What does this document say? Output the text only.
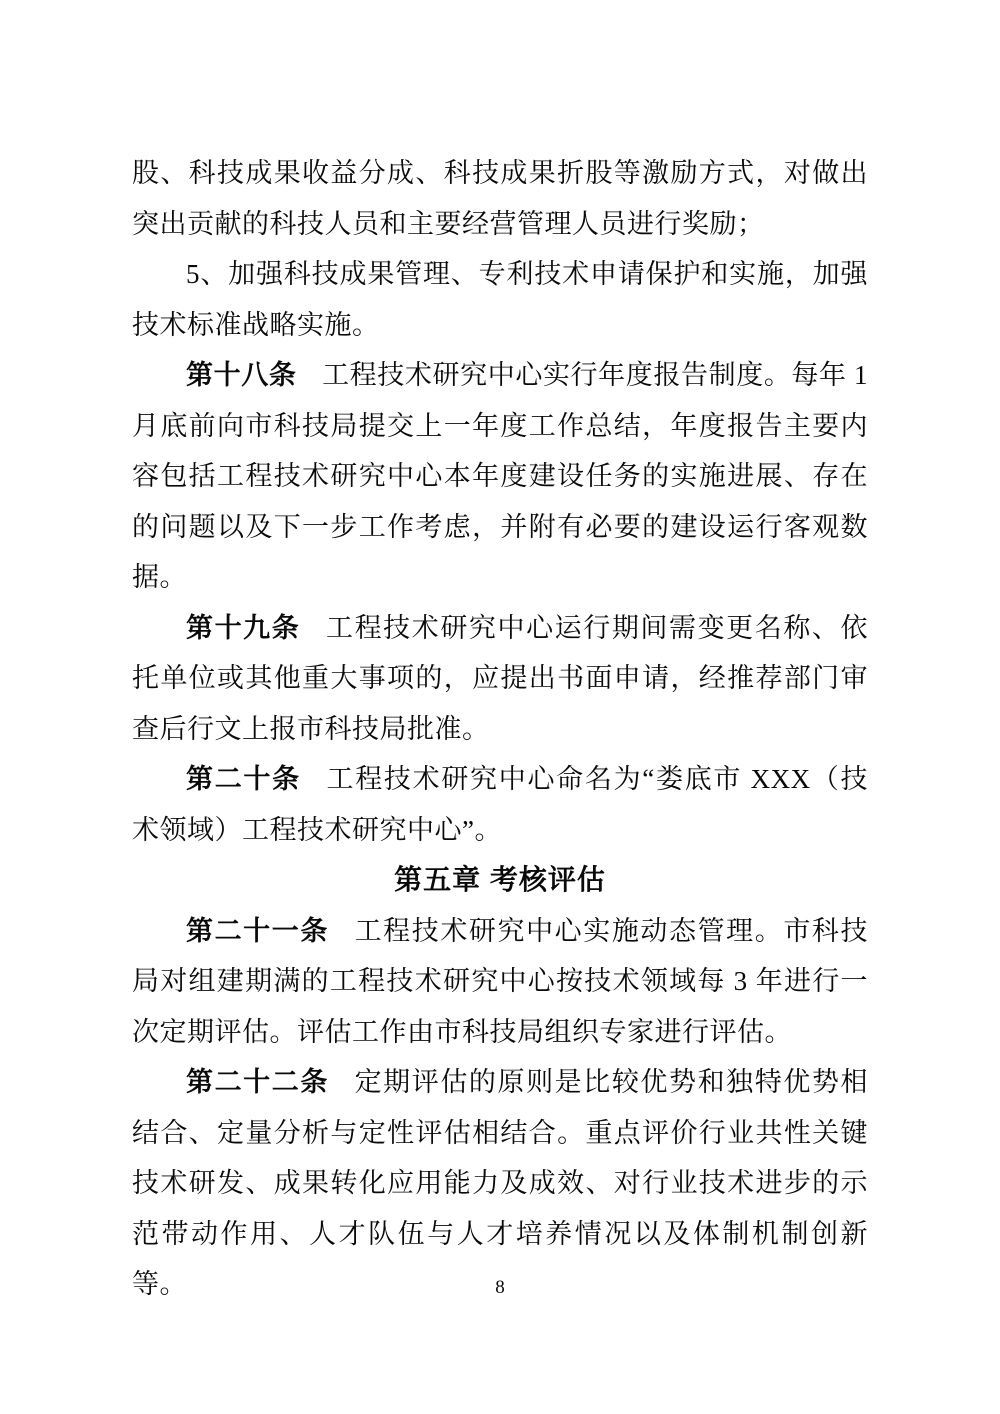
股、科技成果收益分成、科技成果折股等激励方式，对做出突出贡献的科技人员和主要经营管理人员进行奖励；

5、加强科技成果管理、专利技术申请保护和实施，加强技术标准战略实施。

第十八条 工程技术研究中心实行年度报告制度。每年 1 月底前向市科技局提交上一年度工作总结，年度报告主要内容包括工程技术研究中心本年度建设任务的实施进展、存在的问题以及下一步工作考虑，并附有必要的建设运行客观数据。

第十九条 工程技术研究中心运行期间需变更名称、依托单位或其他重大事项的，应提出书面申请，经推荐部门审查后行文上报市科技局批准。

第二十条 工程技术研究中心命名为“娄底市 XXX（技术领域）工程技术研究中心”。

第五章 考核评估

第二十一条 工程技术研究中心实施动态管理。市科技局对组建期满的工程技术研究中心按技术领域每 3 年进行一次定期评估。评估工作由市科技局组织专家进行评估。

第二十二条 定期评估的原则是比较优势和独特优势相结合、定量分析与定性评估相结合。重点评价行业共性关键技术研发、成果转化应用能力及成效、对行业技术进步的示范带动作用、人才队伍与人才培养情况以及体制机制创新等。	8
